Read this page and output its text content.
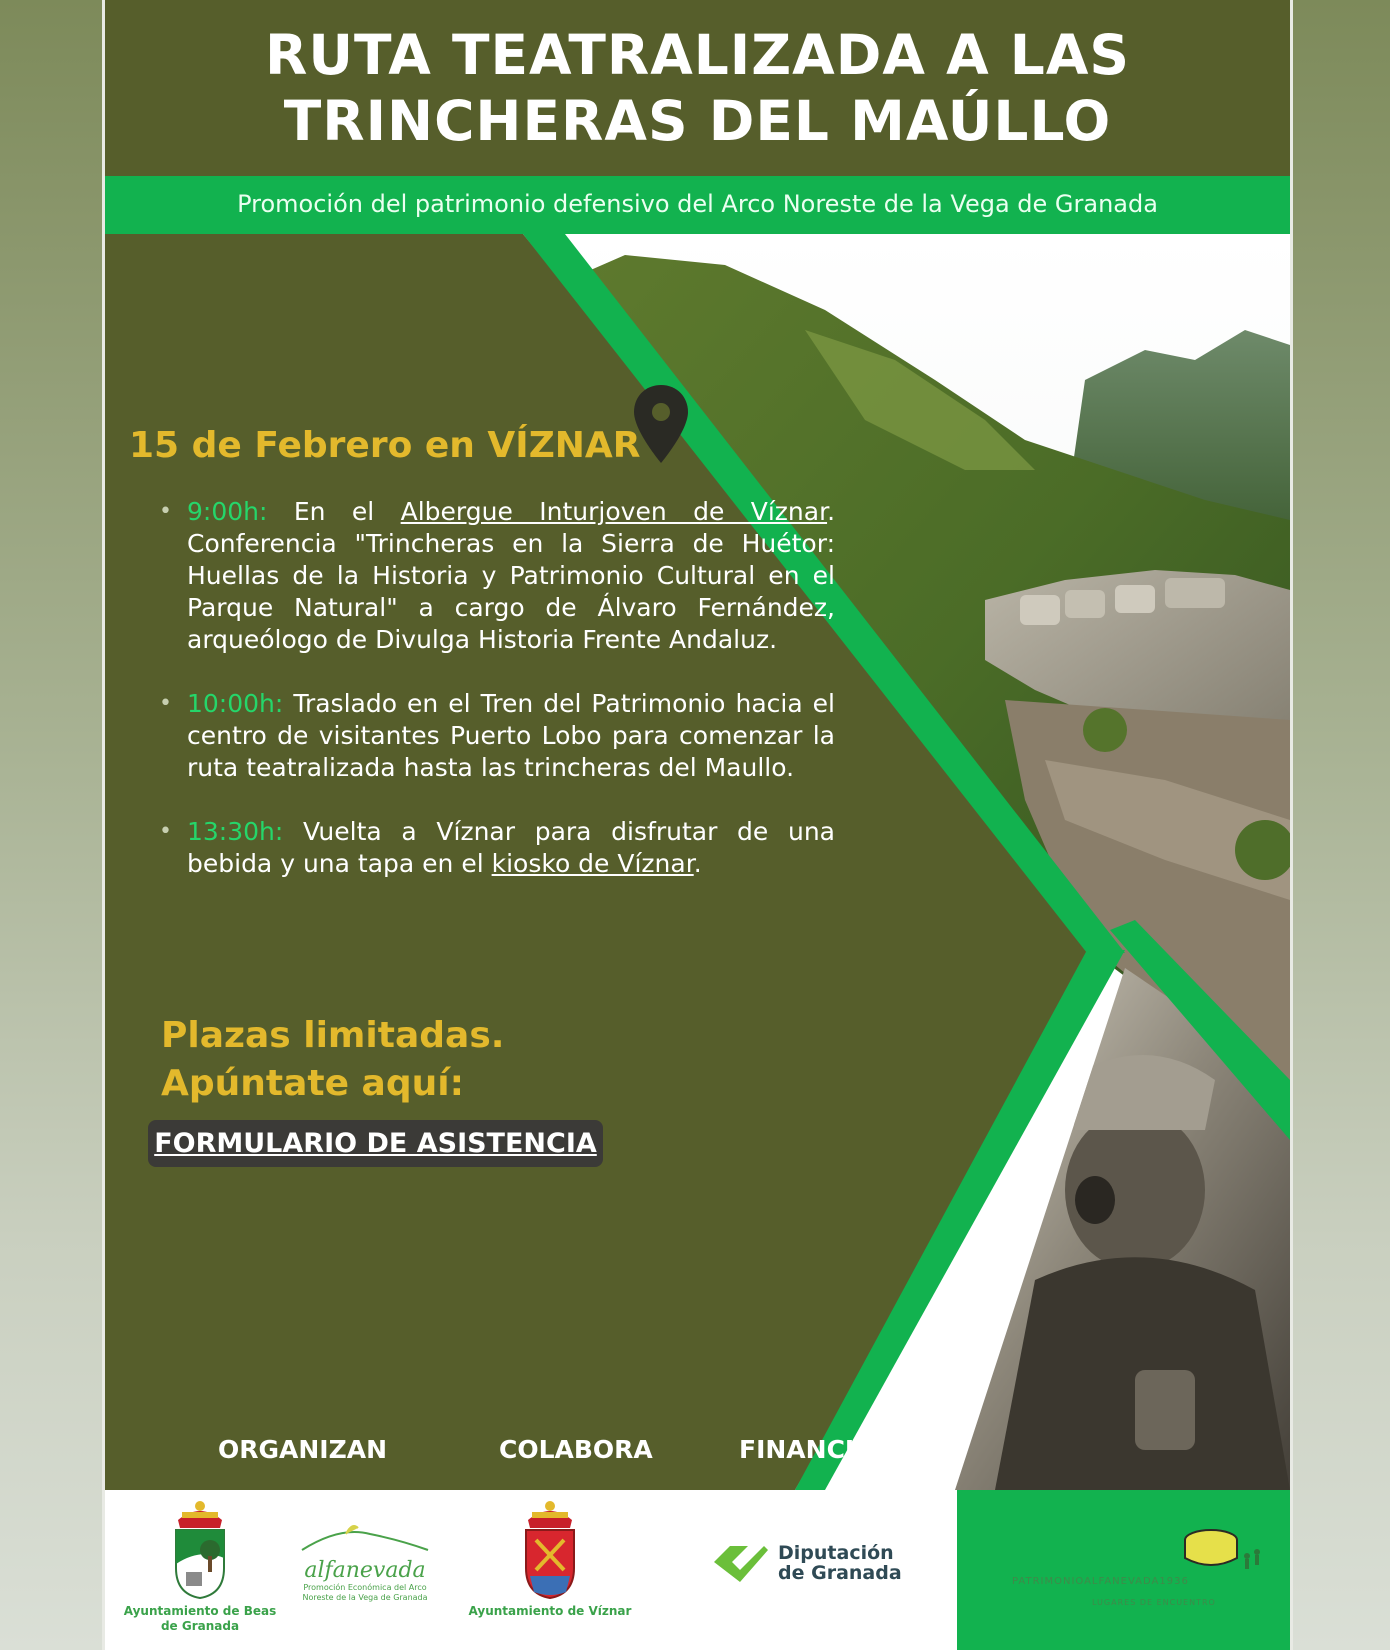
RUTA TEATRALIZADA A LAS
TRINCHERAS DEL MAÚLLO
Promoción del patrimonio defensivo del Arco Noreste de la Vega de Granada
15 de Febrero en VÍZNAR
• 9:00h: En el Albergue Inturjoven de Víznar. Conferencia "Trincheras en la Sierra de Huétor: Huellas de la Historia y Patrimonio Cultural en el Parque Natural" a cargo de Álvaro Fernández, arqueólogo de Divulga Historia Frente Andaluz.
• 10:00h: Traslado en el Tren del Patrimonio hacia el centro de visitantes Puerto Lobo para comenzar la ruta teatralizada hasta las trincheras del Maullo.
• 13:30h: Vuelta a Víznar para disfrutar de una bebida y una tapa en el kiosko de Víznar.
Plazas limitadas.
Apúntate aquí:
FORMULARIO DE ASISTENCIA
ORGANIZAN	COLABORA	FINANCIA
Ayuntamiento de Beas de Granada
alfanevada
Promoción Económica del Arco Noreste de la Vega de Granada
Ayuntamiento de Víznar
Diputación
de Granada	PATRIMONIOALFANEVADA1936
LUGARES DE ENCUENTRO
